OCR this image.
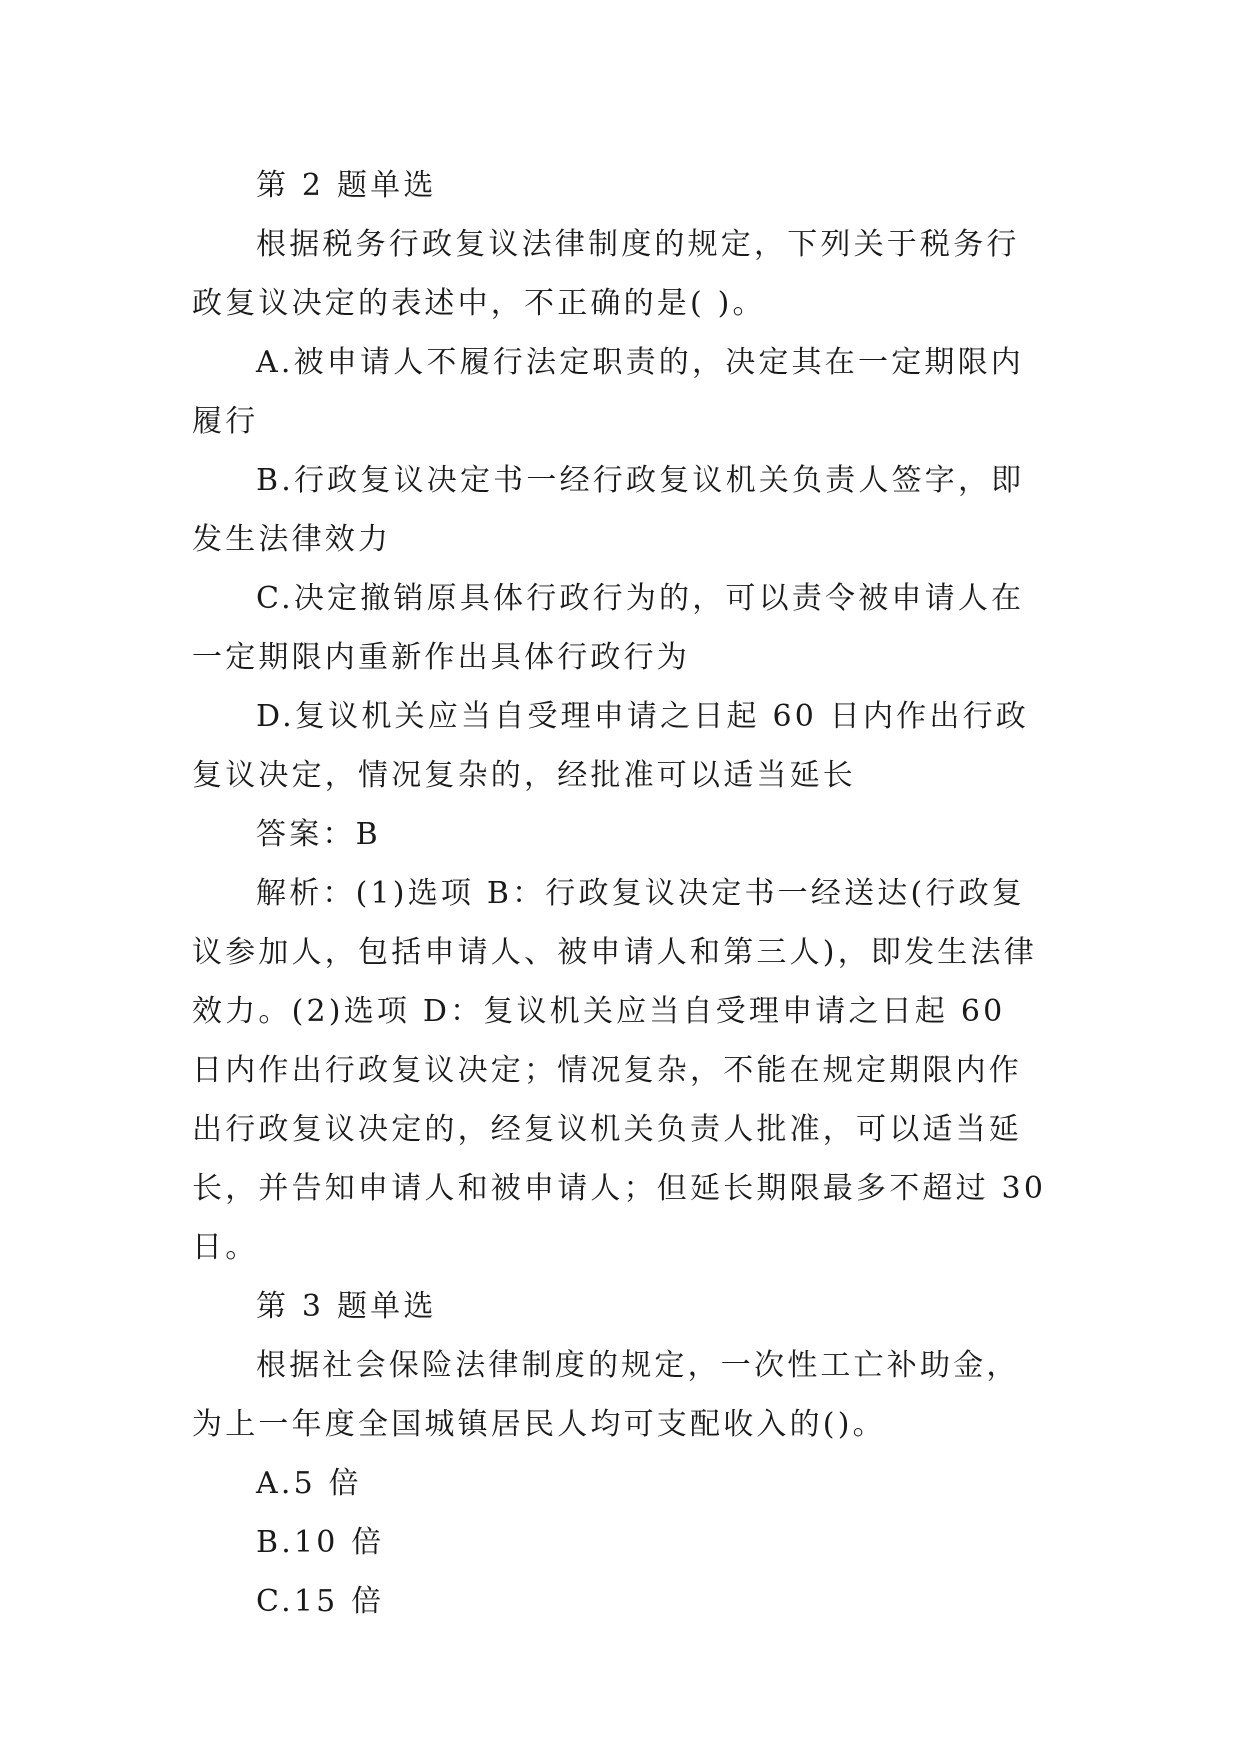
第 2 题单选

根据税务行政复议法律制度的规定，下列关于税务行政复议决定的表述中，不正确的是( )。

A.被申请人不履行法定职责的，决定其在一定期限内履行

B.行政复议决定书一经行政复议机关负责人签字，即发生法律效力

C.决定撤销原具体行政行为的，可以责令被申请人在一定期限内重新作出具体行政行为

D.复议机关应当自受理申请之日起 60 日内作出行政复议决定，情况复杂的，经批准可以适当延长

答案：B

解析：(1)选项 B：行政复议决定书一经送达(行政复议参加人，包括申请人、被申请人和第三人)，即发生法律效力。(2)选项 D：复议机关应当自受理申请之日起 60 日内作出行政复议决定；情况复杂，不能在规定期限内作出行政复议决定的，经复议机关负责人批准，可以适当延长，并告知申请人和被申请人；但延长期限最多不超过 30 日。

第 3 题单选

根据社会保险法律制度的规定，一次性工亡补助金，为上一年度全国城镇居民人均可支配收入的()。

A.5 倍

B.10 倍

C.15 倍
